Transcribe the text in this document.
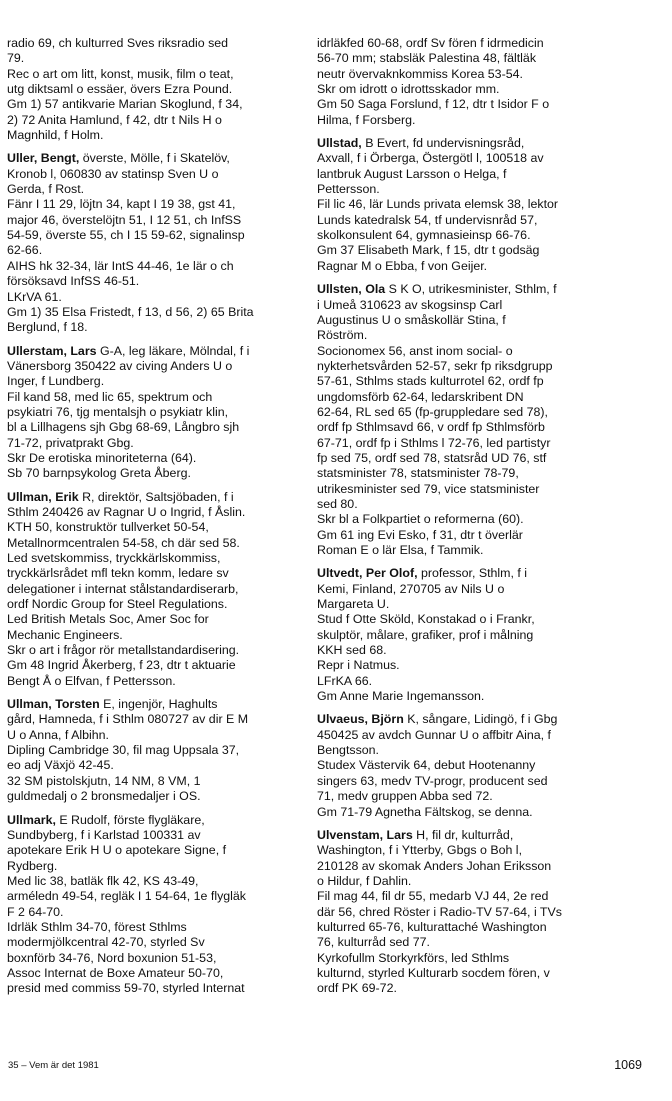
radio 69, ch kulturred Sves riksradio sed
79.
Rec o art om litt, konst, musik, film o teat,
utg diktsaml o essäer, övers Ezra Pound.
Gm 1) 57 antikvarie Marian Skoglund, f 34,
2) 72 Anita Hamlund, f 42, dtr t Nils H o
Magnhild, f Holm.
Uller, Bengt, överste, Mölle, f i Skatelöv,
Kronob l, 060830 av statinsp Sven U o
Gerda, f Rost.
Fänr I 11 29, löjtn 34, kapt I 19 38, gst 41,
major 46, överstelöjtn 51, I 12 51, ch InfSS
54-59, överste 55, ch I 15 59-62, signalinsp
62-66.
AIHS hk 32-34, lär IntS 44-46, 1e lär o ch
försöksavd InfSS 46-51.
LKrVA 61.
Gm 1) 35 Elsa Fristedt, f 13, d 56, 2) 65 Brita
Berglund, f 18.
Ullerstam, Lars G-A, leg läkare, Mölndal, f i
Vänersborg 350422 av civing Anders U o
Inger, f Lundberg.
Fil kand 58, med lic 65, spektrum och
psykiatri 76, tjg mentalsjh o psykiatr klin,
bl a Lillhagens sjh Gbg 68-69, Långbro sjh
71-72, privatprakt Gbg.
Skr De erotiska minoriteterna (64).
Sb 70 barnpsykolog Greta Åberg.
Ullman, Erik R, direktör, Saltsjöbaden, f i
Sthlm 240426 av Ragnar U o Ingrid, f Åslin.
KTH 50, konstruktör tullverket 50-54,
Metallnormcentralen 54-58, ch där sed 58.
Led svetskommiss, tryckkärlskommiss,
tryckkärlsrådet mfl tekn komm, ledare sv
delegationer i internat stålstandardiserarb,
ordf Nordic Group for Steel Regulations.
Led British Metals Soc, Amer Soc for
Mechanic Engineers.
Skr o art i frågor rör metallstandardisering.
Gm 48 Ingrid Åkerberg, f 23, dtr t aktuarie
Bengt Å o Elfvan, f Pettersson.
Ullman, Torsten E, ingenjör, Haghults
gård, Hamneda, f i Sthlm 080727 av dir E M
U o Anna, f Albihn.
Dipling Cambridge 30, fil mag Uppsala 37,
eo adj Växjö 42-45.
32 SM pistolskjutn, 14 NM, 8 VM, 1
guldmedalj o 2 bronsmedaljer i OS.
Ullmark, E Rudolf, förste flygläkare,
Sundbyberg, f i Karlstad 100331 av
apotekare Erik H U o apotekare Signe, f
Rydberg.
Med lic 38, batläk flk 42, KS 43-49,
arméledn 49-54, regläk I 1 54-64, 1e flygläk
F 2 64-70.
Idrläk Sthlm 34-70, förest Sthlms
modermjölkcentral 42-70, styrled Sv
boxnförb 34-76, Nord boxunion 51-53,
Assoc Internat de Boxe Amateur 50-70,
presid med commiss 59-70, styrled Internat
idrläkfed 60-68, ordf Sv fören f idrmedicin
56-70 mm; stabsläk Palestina 48, fältläk
neutr övervaknkommiss Korea 53-54.
Skr om idrott o idrottsskador mm.
Gm 50 Saga Forslund, f 12, dtr t Isidor F o
Hilma, f Forsberg.
Ullstad, B Evert, fd undervisningsråd,
Axvall, f i Örberga, Östergötl l, 100518 av
lantbruk August Larsson o Helga, f
Pettersson.
Fil lic 46, lär Lunds privata elemsk 38, lektor
Lunds katedralsk 54, tf undervisnråd 57,
skolkonsulent 64, gymnasieinsp 66-76.
Gm 37 Elisabeth Mark, f 15, dtr t godsäg
Ragnar M o Ebba, f von Geijer.
Ullsten, Ola S K O, utrikesminister, Sthlm, f
i Umeå 310623 av skogsinsp Carl
Augustinus U o småskollär Stina, f
Röström.
Socionomex 56, anst inom social- o
nykterhetsvården 52-57, sekr fp riksdgrupp
57-61, Sthlms stads kulturrotel 62, ordf fp
ungdomsförb 62-64, ledarskribent DN
62-64, RL sed 65 (fp-gruppledare sed 78),
ordf fp Sthlmsavd 66, v ordf fp Sthlmsförb
67-71, ordf fp i Sthlms l 72-76, led partistyr
fp sed 75, ordf sed 78, statsråd UD 76, stf
statsminister 78, statsminister 78-79,
utrikesminister sed 79, vice statsminister
sed 80.
Skr bl a Folkpartiet o reformerna (60).
Gm 61 ing Evi Esko, f 31, dtr t överlär
Roman E o lär Elsa, f Tammik.
Ultvedt, Per Olof, professor, Sthlm, f i
Kemi, Finland, 270705 av Nils U o
Margareta U.
Stud f Otte Sköld, Konstakad o i Frankr,
skulptör, målare, grafiker, prof i målning
KKH sed 68.
Repr i Natmus.
LFrKA 66.
Gm Anne Marie Ingemansson.
Ulvaeus, Björn K, sångare, Lidingö, f i Gbg
450425 av avdch Gunnar U o affbitr Aina, f
Bengtsson.
Studex Västervik 64, debut Hootenanny
singers 63, medv TV-progr, producent sed
71, medv gruppen Abba sed 72.
Gm 71-79 Agnetha Fältskog, se denna.
Ulvenstam, Lars H, fil dr, kulturråd,
Washington, f i Ytterby, Gbgs o Boh l,
210128 av skomak Anders Johan Eriksson
o Hildur, f Dahlin.
Fil mag 44, fil dr 55, medarb VJ 44, 2e red
där 56, chred Röster i Radio-TV 57-64, i TVs
kulturred 65-76, kulturattaché Washington
76, kulturråd sed 77.
Kyrkofullm Storkyrkförs, led Sthlms
kulturnd, styrled Kulturarb socdem fören, v
ordf PK 69-72.
35 – Vem är det 1981	1069
